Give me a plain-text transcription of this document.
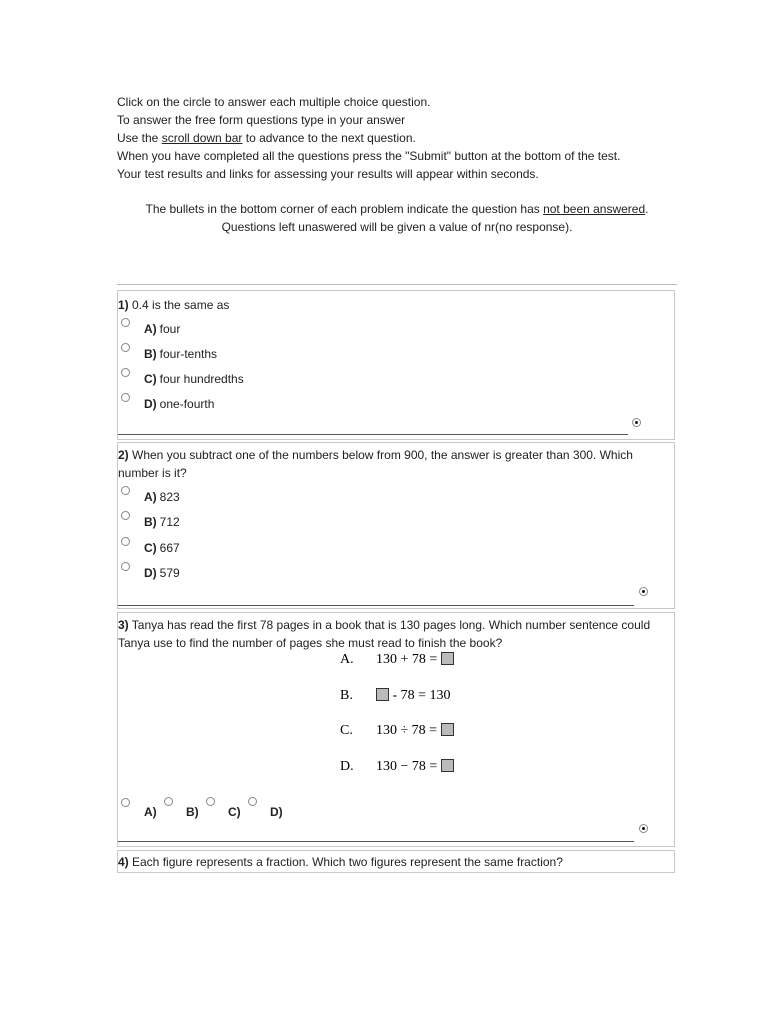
Click on the circle to answer each multiple choice question.
To answer the free form questions type in your answer
Use the scroll down bar to advance to the next question.
When you have completed all the questions press the "Submit" button at the bottom of the test.
Your test results and links for assessing your results will appear within seconds.
The bullets in the bottom corner of each problem indicate the question has not been answered.
Questions left unaswered will be given a value of nr(no response).
1) 0.4 is the same as
A) four
B) four-tenths
C) four hundredths
D) one-fourth
2) When you subtract one of the numbers below from 900, the answer is greater than 300. Which
number is it?
A) 823
B) 712
C) 667
D) 579
3) Tanya has read the first 78 pages in a book that is 130 pages long. Which number sentence could
Tanya use to find the number of pages she must read to finish the book?
A. 130 + 78 =
B.	- 78 = 130
C. 130 ÷ 78 =
D. 130 − 78 =
A) B) C) D)
4) Each figure represents a fraction. Which two figures represent the same fraction?
